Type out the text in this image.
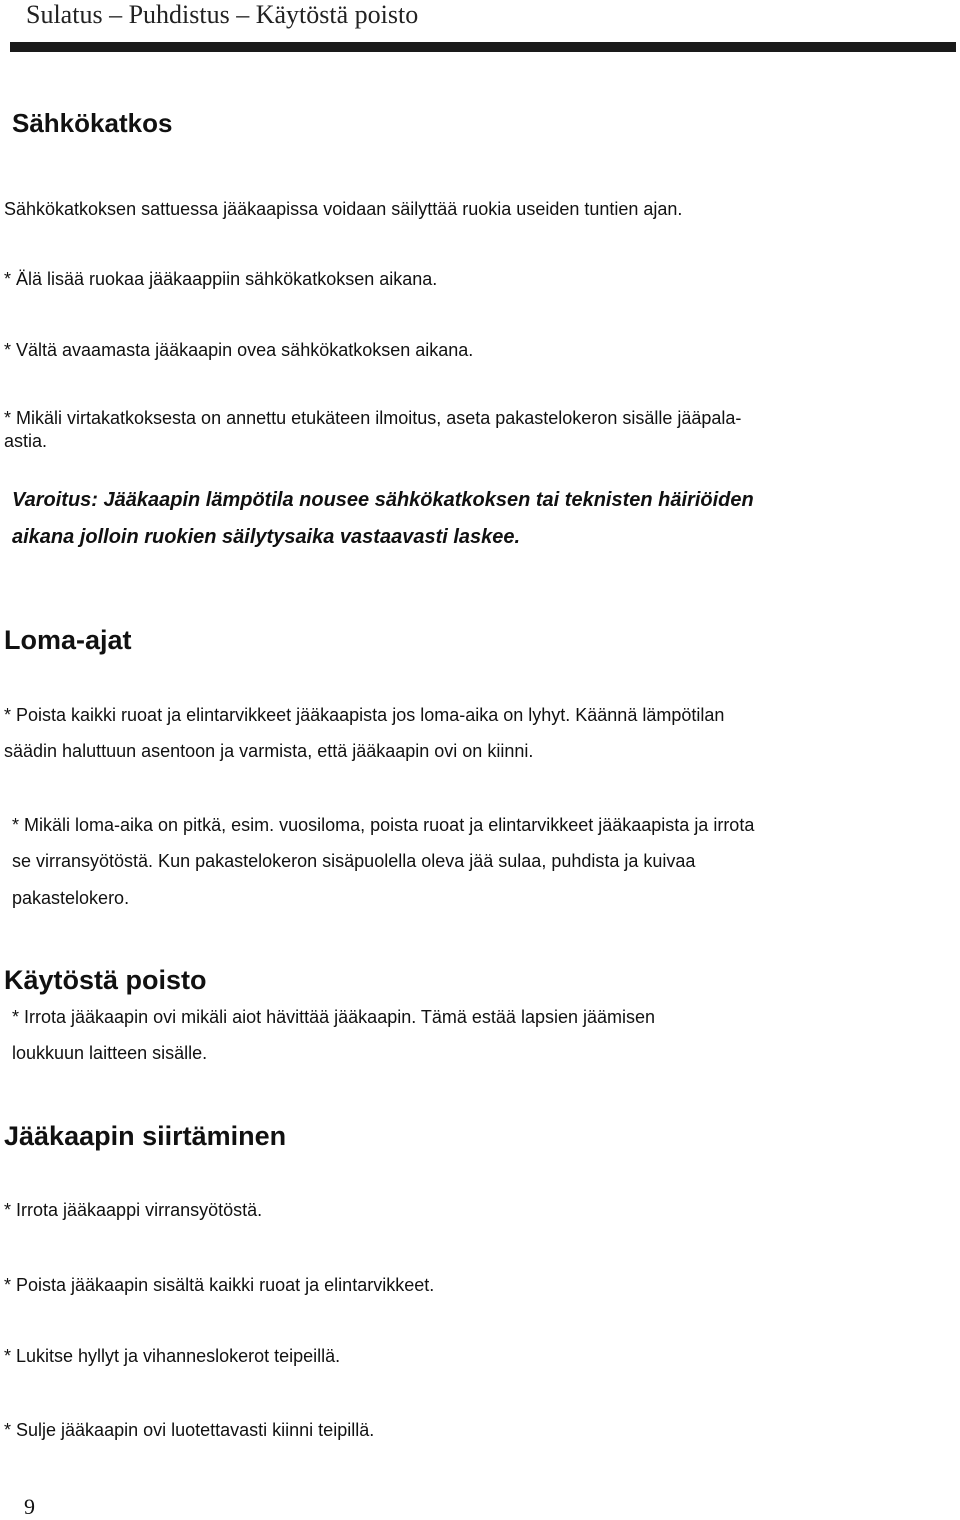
Sulatus – Puhdistus – Käytöstä poisto
Sähkökatkos
Sähkökatkoksen sattuessa jääkaapissa voidaan säilyttää ruokia useiden tuntien ajan.
* Älä lisää ruokaa jääkaappiin sähkökatkoksen aikana.
* Vältä avaamasta jääkaapin ovea sähkökatkoksen aikana.
* Mikäli virtakatkoksesta on annettu etukäteen ilmoitus, aseta pakastelokeron sisälle jääpala-
astia.
Varoitus: Jääkaapin lämpötila nousee sähkökatkoksen tai teknisten häiriöiden
aikana jolloin ruokien säilytysaika vastaavasti laskee.
Loma-ajat
* Poista kaikki ruoat ja elintarvikkeet jääkaapista jos loma-aika on lyhyt. Käännä lämpötilan
säädin haluttuun asentoon ja varmista, että jääkaapin ovi on kiinni.
* Mikäli loma-aika on pitkä, esim. vuosiloma, poista ruoat ja elintarvikkeet jääkaapista ja irrota
se virransyötöstä. Kun pakastelokeron sisäpuolella oleva jää sulaa, puhdista ja kuivaa
pakastelokero.
Käytöstä poisto
* Irrota jääkaapin ovi mikäli aiot hävittää jääkaapin. Tämä estää lapsien jäämisen
loukkuun laitteen sisälle.
Jääkaapin siirtäminen
* Irrota jääkaappi virransyötöstä.
* Poista jääkaapin sisältä kaikki ruoat ja elintarvikkeet.
* Lukitse hyllyt ja vihanneslokerot teipeillä.
* Sulje jääkaapin ovi luotettavasti kiinni teipillä.
9
